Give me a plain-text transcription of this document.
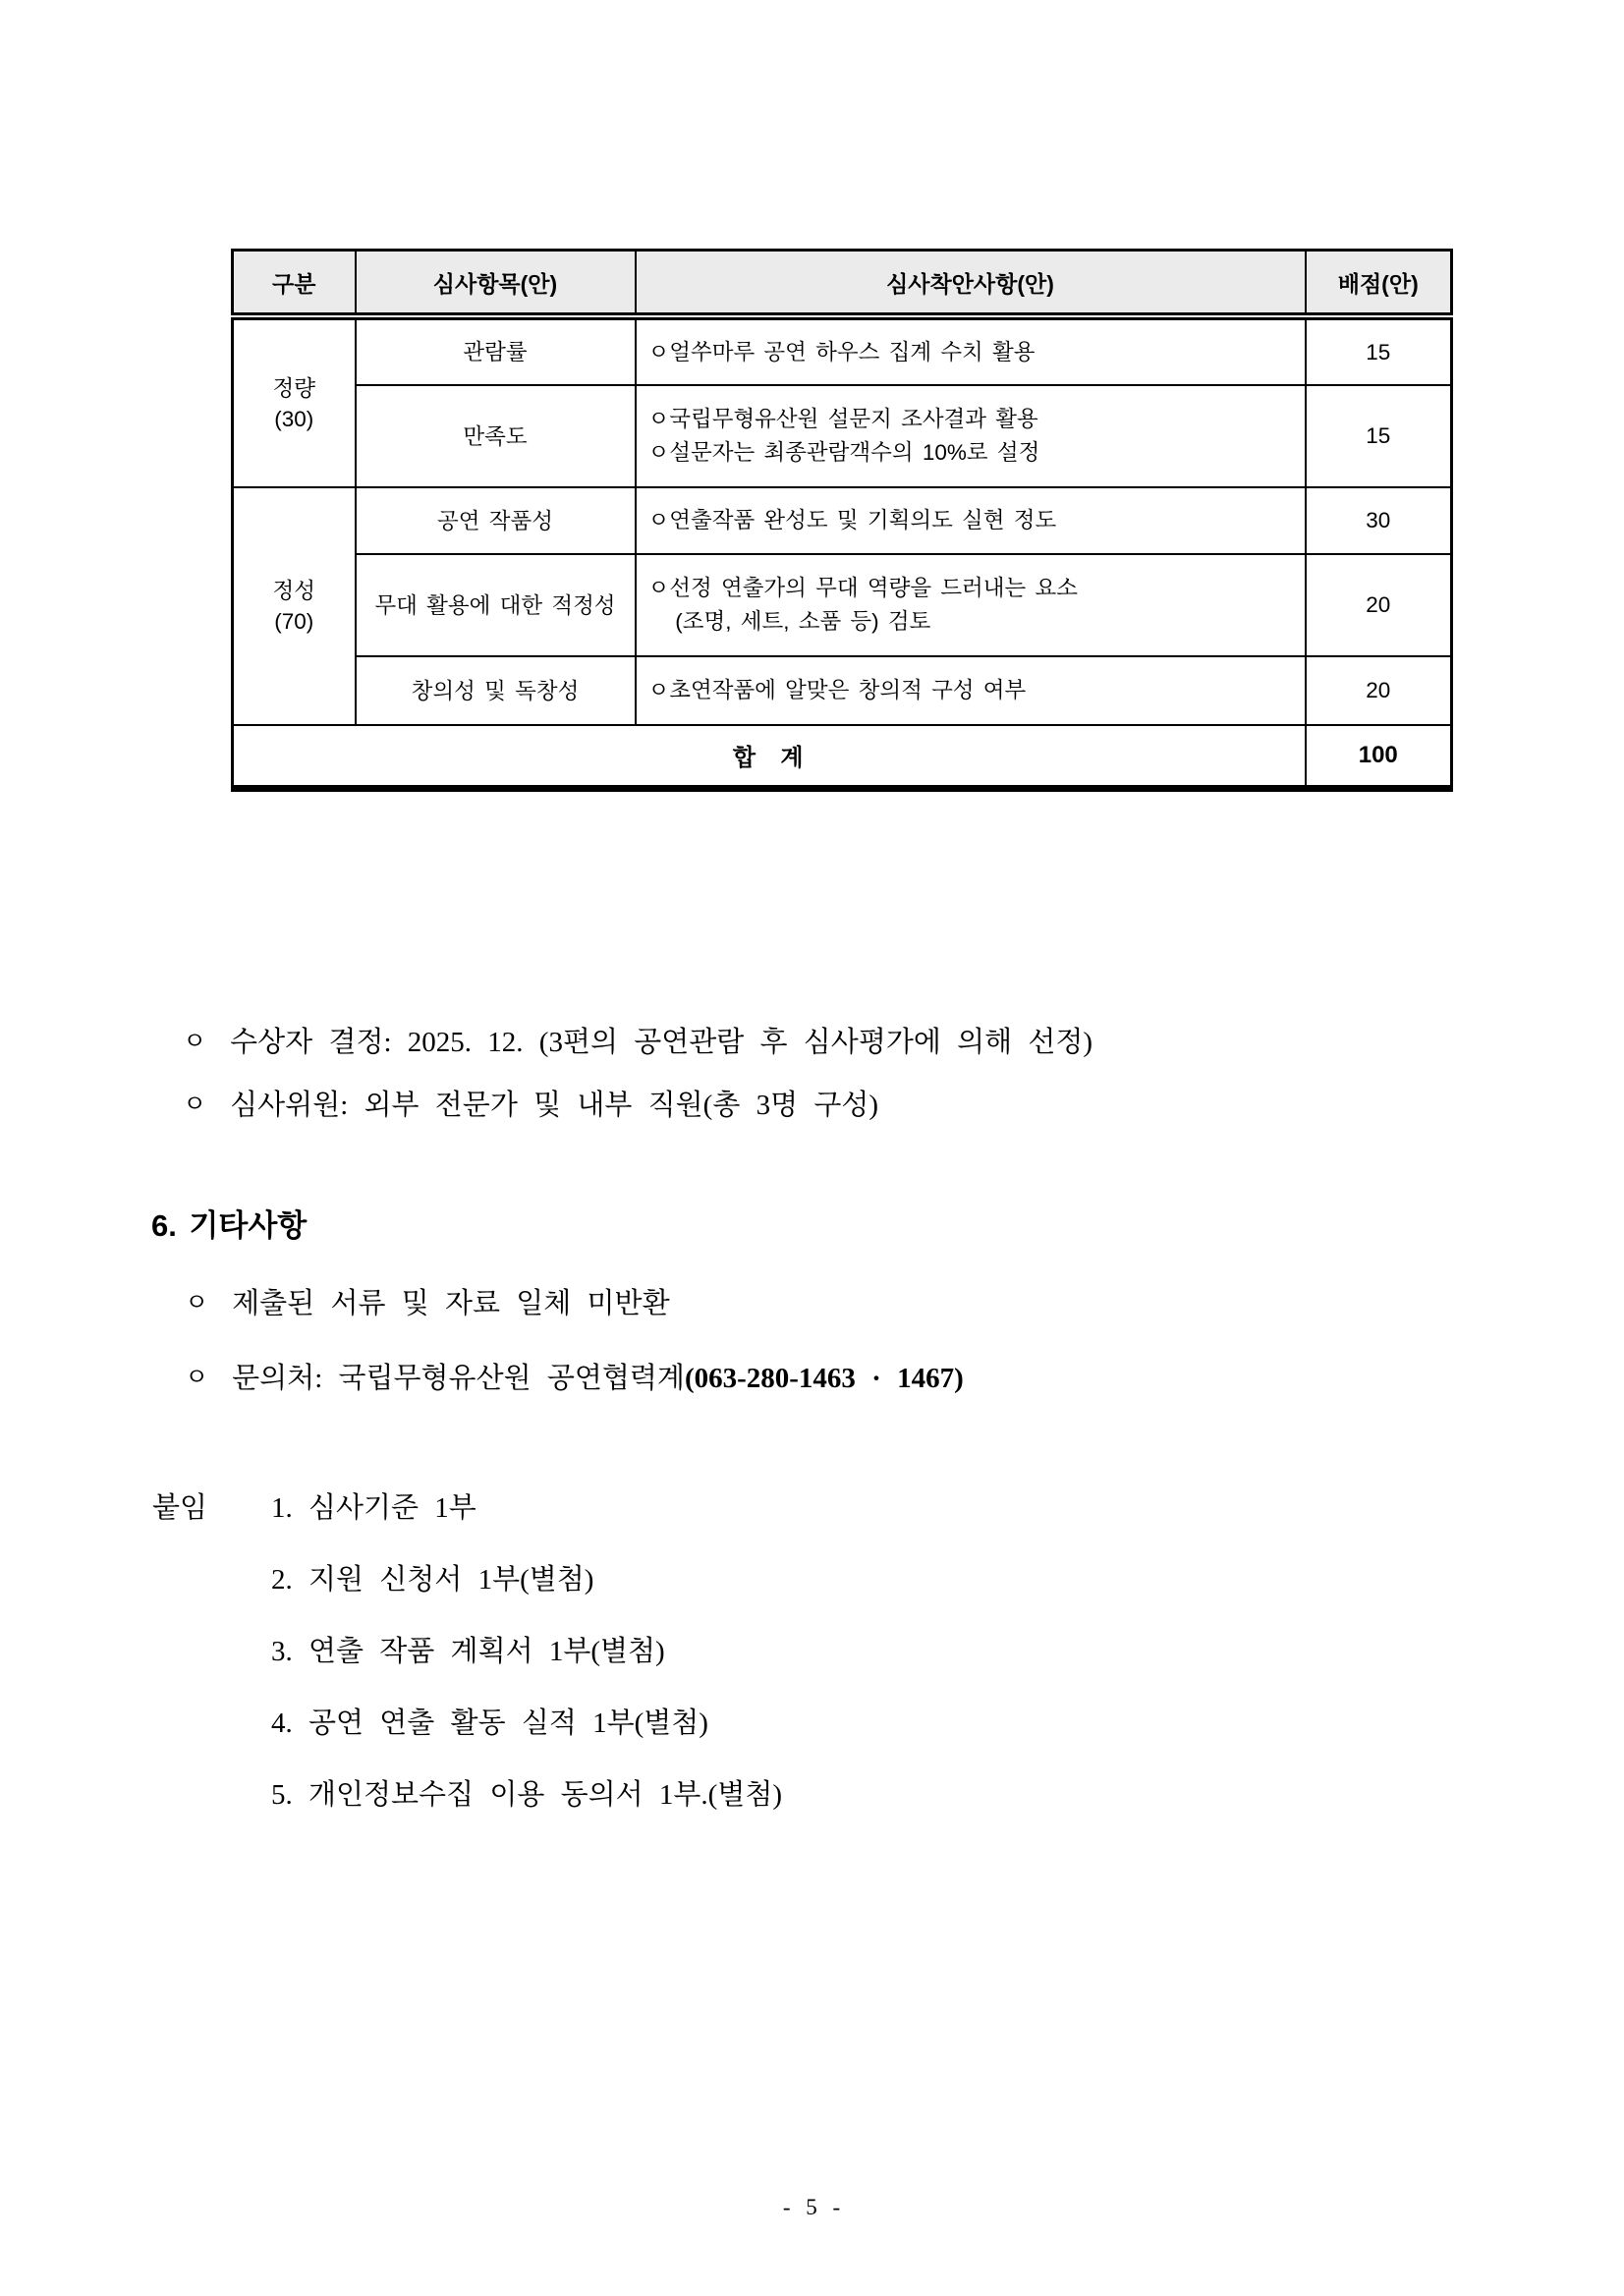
구분	심사항목(안)	심사착안사항(안)	배점(안)

정량
(30)	관람률	ㅇ얼쑤마루 공연 하우스 집계 수치 활용	15
	만족도	ㅇ국립무형유산원 설문지 조사결과 활용
ㅇ설문자는 최종관람객수의 10%로 설정	15

정성
(70)	공연 작품성	ㅇ연출작품 완성도 및 기획의도 실현 정도	30
	무대 활용에 대한 적정성	ㅇ선정 연출가의 무대 역량을 드러내는 요소
(조명, 세트, 소품 등) 검토	20
	창의성 및 독창성	ㅇ초연작품에 알맞은 창의적 구성 여부	20
합  계			100
ㅇ 수상자 결정: 2025. 12. (3편의 공연관람 후 심사평가에 의해 선정)
ㅇ 심사위원: 외부 전문가 및 내부 직원(총 3명 구성)
6. 기타사항
ㅇ 제출된 서류 및 자료 일체 미반환
ㅇ 문의처: 국립무형유산원 공연협력계 (063-280-1463 · 1467)
붙임	1. 심사기준 1부
2. 지원 신청서 1부(별첨)
3. 연출 작품 계획서 1부(별첨)
4. 공연 연출 활동 실적 1부(별첨)
5. 개인정보수집 이용 동의서 1부.(별첨)
- 5 -
